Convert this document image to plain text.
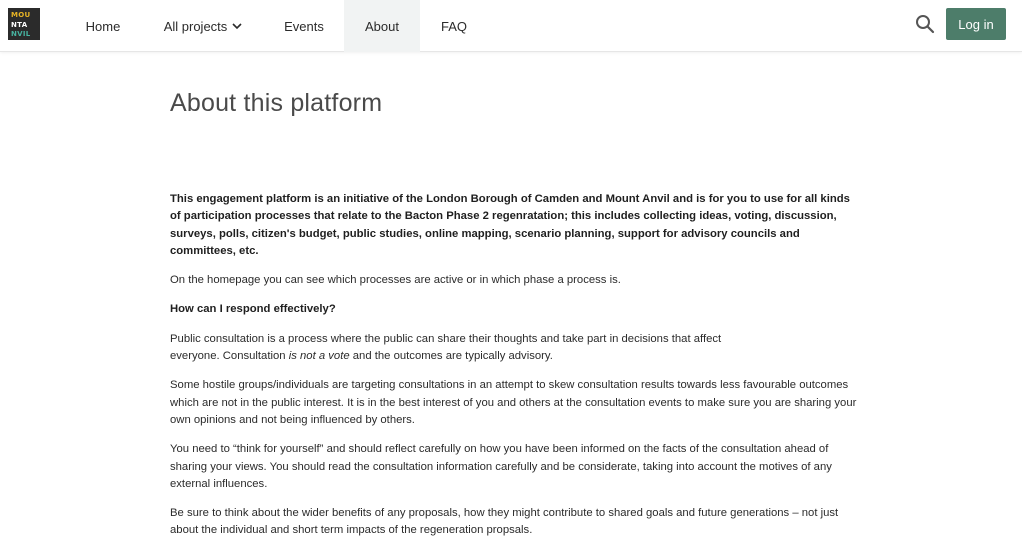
MOU
NTA
NVIL
Home	All projects	Events	About	FAQ	Log in
About this platform

This engagement platform is an initiative of the London Borough of Camden and Mount Anvil and is for you to use for all kinds of participation processes that relate to the Bacton Phase 2 regenratation; this includes collecting ideas, voting, discussion, surveys, polls, citizen's budget, public studies, online mapping, scenario planning, support for advisory councils and committees, etc.

On the homepage you can see which processes are active or in which phase a process is.

How can I respond effectively?

Public consultation is a process where the public can share their thoughts and take part in decisions that affect everyone. Consultation is not a vote and the outcomes are typically advisory.

Some hostile groups/individuals are targeting consultations in an attempt to skew consultation results towards less favourable outcomes which are not in the public interest. It is in the best interest of you and others at the consultation events to make sure you are sharing your own opinions and not being influenced by others.

You need to “think for yourself” and should reflect carefully on how you have been informed on the facts of the consultation ahead of sharing your views. You should read the consultation information carefully and be considerate, taking into account the motives of any external influences.

Be sure to think about the wider benefits of any proposals, how they might contribute to shared goals and future generations – not just about the individual and short term impacts of the regeneration propsals.
